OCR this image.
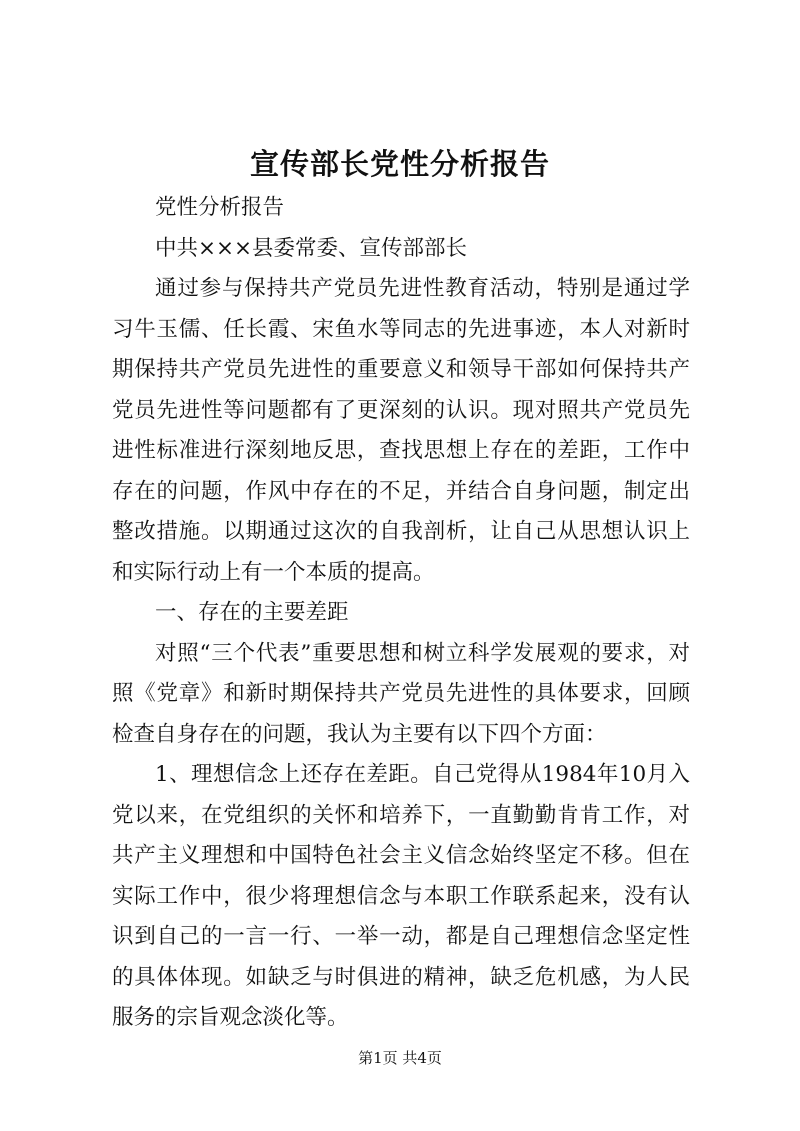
宣传部长党性分析报告

党性分析报告

中共×××县委常委、宣传部部长

通过参与保持共产党员先进性教育活动，特别是通过学习牛玉儒、任长霞、宋鱼水等同志的先进事迹，本人对新时期保持共产党员先进性的重要意义和领导干部如何保持共产党员先进性等问题都有了更深刻的认识。现对照共产党员先进性标准进行深刻地反思，查找思想上存在的差距，工作中存在的问题，作风中存在的不足，并结合自身问题，制定出整改措施。以期通过这次的自我剖析，让自己从思想认识上和实际行动上有一个本质的提高。

一、存在的主要差距

对照“三个代表”重要思想和树立科学发展观的要求，对照《党章》和新时期保持共产党员先进性的具体要求，回顾检查自身存在的问题，我认为主要有以下四个方面：

1、理想信念上还存在差距。自己党得从1984年10月入党以来，在党组织的关怀和培养下，一直勤勤肯肯工作，对共产主义理想和中国特色社会主义信念始终坚定不移。但在实际工作中，很少将理想信念与本职工作联系起来，没有认识到自己的一言一行、一举一动，都是自己理想信念坚定性的具体体现。如缺乏与时俱进的精神，缺乏危机感，为人民服务的宗旨观念淡化等。

第1页 共4页
